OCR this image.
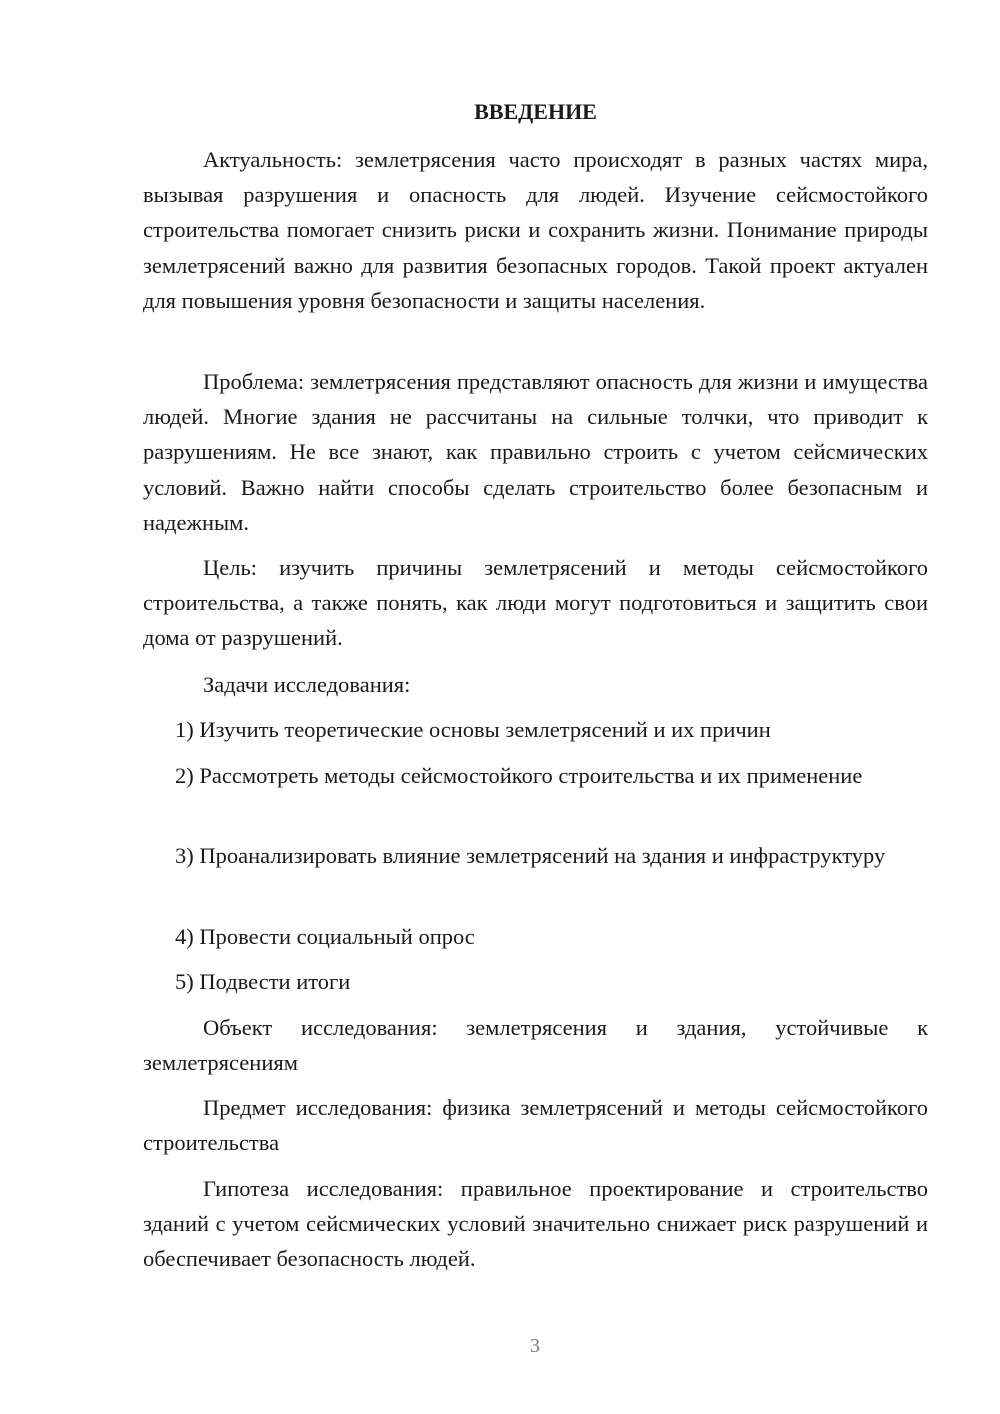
ВВЕДЕНИЕ

Актуальность: землетрясения часто происходят в разных частях мира, вызывая разрушения и опасность для людей. Изучение сейсмостойкого строительства помогает снизить риски и сохранить жизни. Понимание природы землетрясений важно для развития безопасных городов. Такой проект актуален для повышения уровня безопасности и защиты населения.

Проблема: землетрясения представляют опасность для жизни и имущества людей. Многие здания не рассчитаны на сильные толчки, что приводит к разрушениям. Не все знают, как правильно строить с учетом сейсмических условий. Важно найти способы сделать строительство более безопасным и надежным.

Цель: изучить причины землетрясений и методы сейсмостойкого строительства, а также понять, как люди могут подготовиться и защитить свои дома от разрушений.

Задачи исследования:

1) Изучить теоретические основы землетрясений и их причин

2) Рассмотреть методы сейсмостойкого строительства и их применение

3) Проанализировать влияние землетрясений на здания и инфраструктуру

4) Провести социальный опрос

5) Подвести итоги

Объект исследования: землетрясения и здания, устойчивые к землетрясениям

Предмет исследования: физика землетрясений и методы сейсмостойкого строительства

Гипотеза исследования: правильное проектирование и строительство зданий с учетом сейсмических условий значительно снижает риск разрушений и обеспечивает безопасность людей.

3
